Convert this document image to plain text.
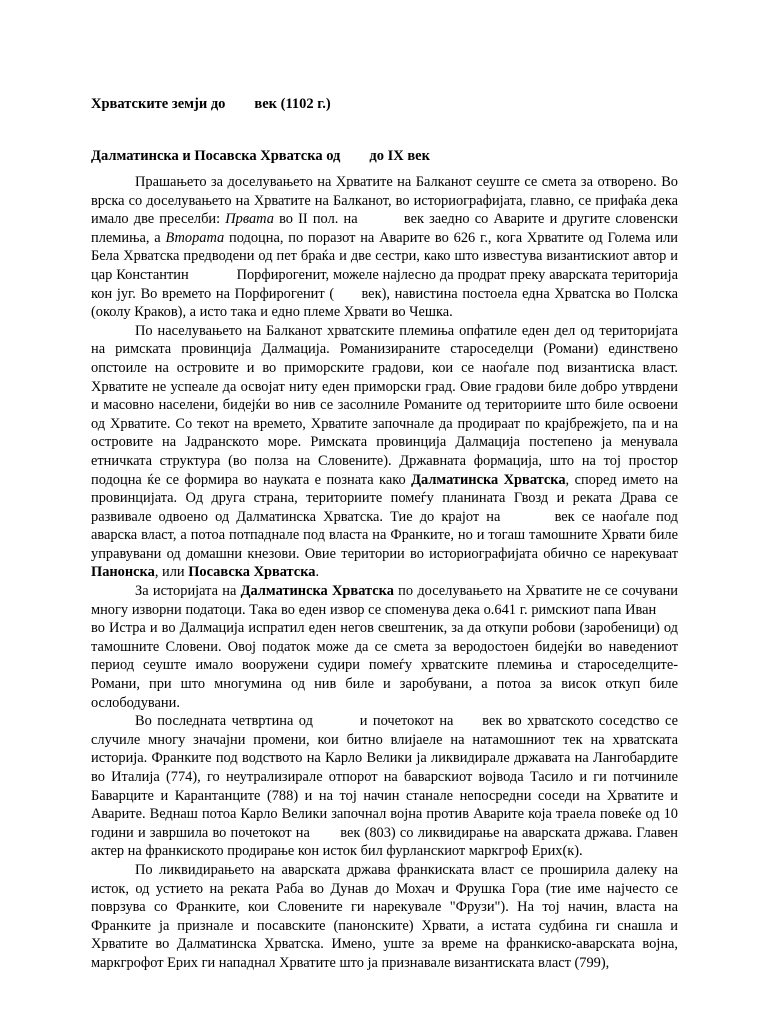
Хрватските земји до        век (1102 г.)
Далматинска и Посавска Хрватска од        до IX век

Прашањето за доселувањето на Хрватите на Балканот сеуште се смета за отворено. Во врска со доселувањето на Хрватите на Балканот, во историографијата, главно, се прифаќа дека имало две преселби: Првата во II пол. на	век заедно со Аварите и другите словенски племиња, а Втората подоцна, по поразот на Аварите во 626 г., кога Хрватите од Голема или Бела Хрватска предводени од пет браќа и две сестри, како што известува византискиот автор и цар Константин	Порфирогенит, можеле најлесно да продрат преку аварската територија кон југ. Во времето на Порфирогенит (  век), навистина постоела една Хрватска во Полска (околу Краков), а исто така и едно племе Хрвати во Чешка.

По населувањето на Балканот хрватските племиња опфатиле еден дел од територијата на римската провинција Далмација. Романизираните староседелци (Романи) единствено опстоиле на островите и во приморските градови, кои се наоѓале под византиска власт. Хрватите не успеале да освојат ниту еден приморски град. Овие градови биле добро утврдени и масовно населени, бидејќи во нив се засолниле Романите од териториите што биле освоени од Хрватите. Со текот на времето, Хрватите започнале да продираат по крајбрежјето, па и на островите на Јадранското море. Римската провинција Далмација постепено ја менувала етничката структура (во полза на Словените). Државната формација, што на тој простор подоцна ќе се формира во науката е позната како Далматинска Хрватска, според името на провинцијата. Од друга страна, териториите помеѓу планината Гвозд и реката Драва се развивале одвоено од Далматинска Хрватска. Тие до крајот на	век се наоѓале под аварска власт, а потоа потпаднале под власта на Франките, но и тогаш тамошните Хрвати биле управувани од домашни кнезови. Овие територии во историографијата обично се нарекуваат Панонска, или Посавска Хрватска.

За историјата на Далматинска Хрватска по доселувањето на Хрватите не се сочувани многу изворни податоци. Така во еден извор се споменува дека о.641 г. римскиот папа Иван  во Истра и во Далмација испратил еден негов свештеник, за да откупи робови (заробеници) од тамошните Словени. Овој податок може да се смета за веродостоен бидејќи во наведениот период сеуште имало вооружени судири помеѓу хрватските племиња и староседелците-Романи, при што многумина од нив биле и заробувани, а потоа за висок откуп биле ослободувани.

Во последната четвртина од	и почетокот на  век во хрватското соседство се случиле многу значајни промени, кои битно влијаеле на натамошниот тек на хрватската историја. Франките под водството на Карло Велики ја ликвидирале државата на Лангобардите во Италија (774), го неутрализирале отпорот на баварскиот војвода Тасило и ги потчиниле Баварците и Карантанците (788) и на тој начин станале непосредни соседи на Хрватите и Аварите. Веднаш потоа Карло Велики започнал војна против Аварите која траела повеќе од 10 години и завршила во почетокот на  век (803) со ликвидирање на аварската држава. Главен актер на франкиското продирање кон исток бил фурланскиот маркгроф Ерих(к).

По ликвидирањето на аварската држава франкиската власт се проширила далеку на исток, од устието на реката Раба во Дунав до Мохач и Фрушка Гора (тие име најчесто се поврзува со Франките, кои Словените ги нарекувале "Фрузи"). На тој начин, власта на Франките ја признале и посавските (панонските) Хрвати, а истата судбина ги снашла и Хрватите во Далматинска Хрватска. Имено, уште за време на франкиско-аварската војна, маркгрофот Ерих ги нападнал Хрватите што ја признавале византиската власт (799),
